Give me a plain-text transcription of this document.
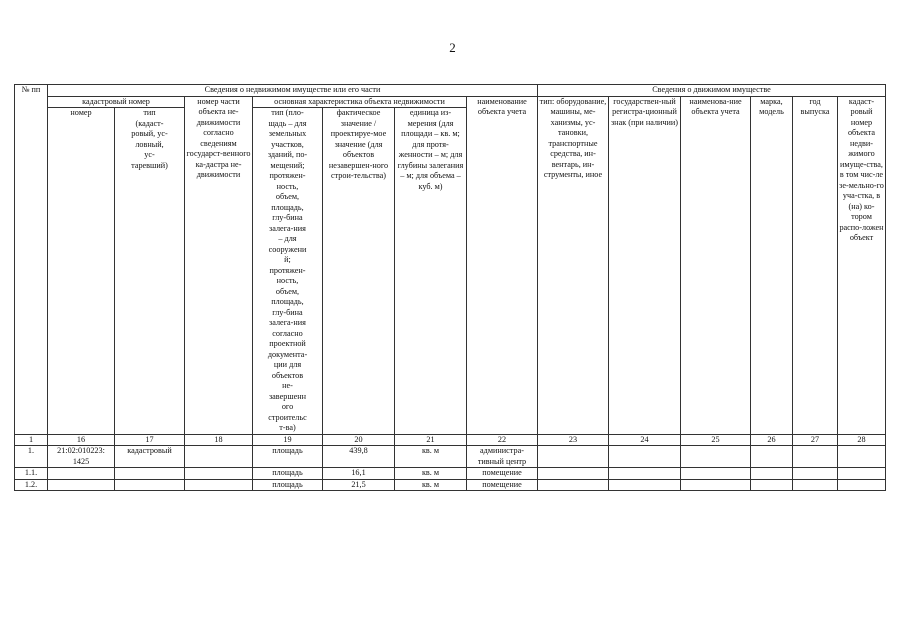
2
№ пп	Сведения о недвижимом имуществе или его части							Сведения о движимом имуществе					
	кадастровый номер		номер части объекта не-движимости согласно сведениям государст-венного ка-дастра не-движимости	основная характеристика объекта недвижимости			наименование объекта учета	тип: оборудование, машины, ме-ханизмы, ус-тановки, транспортные средства, ин-вентарь, ин-струменты, иное	государствен-ный регистра-ционный знак (при наличии)	наименова-ние объекта учета	марка, модель	год выпуска	кадаст-ровый номер объекта недви-жимого имуще-ства, в том чис-ле зе-мельно-го уча-стка, в (на) ко-тором распо-ложен объект
	номер	тип (кадаст-ровый, ус-ловный, ус-таревший)		тип (пло-щадь – для земельных участков, зданий, по-мещений; протяжен-ность, объем, площадь, глу-бина залега-ния – для сооружений; протяжен-ность, объем, площадь, глу-бина залега-ния согласно проектной документа-ции для объектов не-завершенного строительст-ва)	фактическое значение / проектируе-мое значение (для объектов незавершен-ного строи-тельства)	единица из-мерения (для площади – кв. м; для протя-женности – м; для глубины залегания – м; для объема – куб. м)							
1	16	17	18	19	20	21	22	23	24	25	26	27	28
1.	21:02:010223: 1425	кадастровый		площадь	439,8	кв. м	администра-тивный центр						
1.1.				площадь	16,1	кв. м	помещение						
1.2.				площадь	21,5	кв. м	помещение						
